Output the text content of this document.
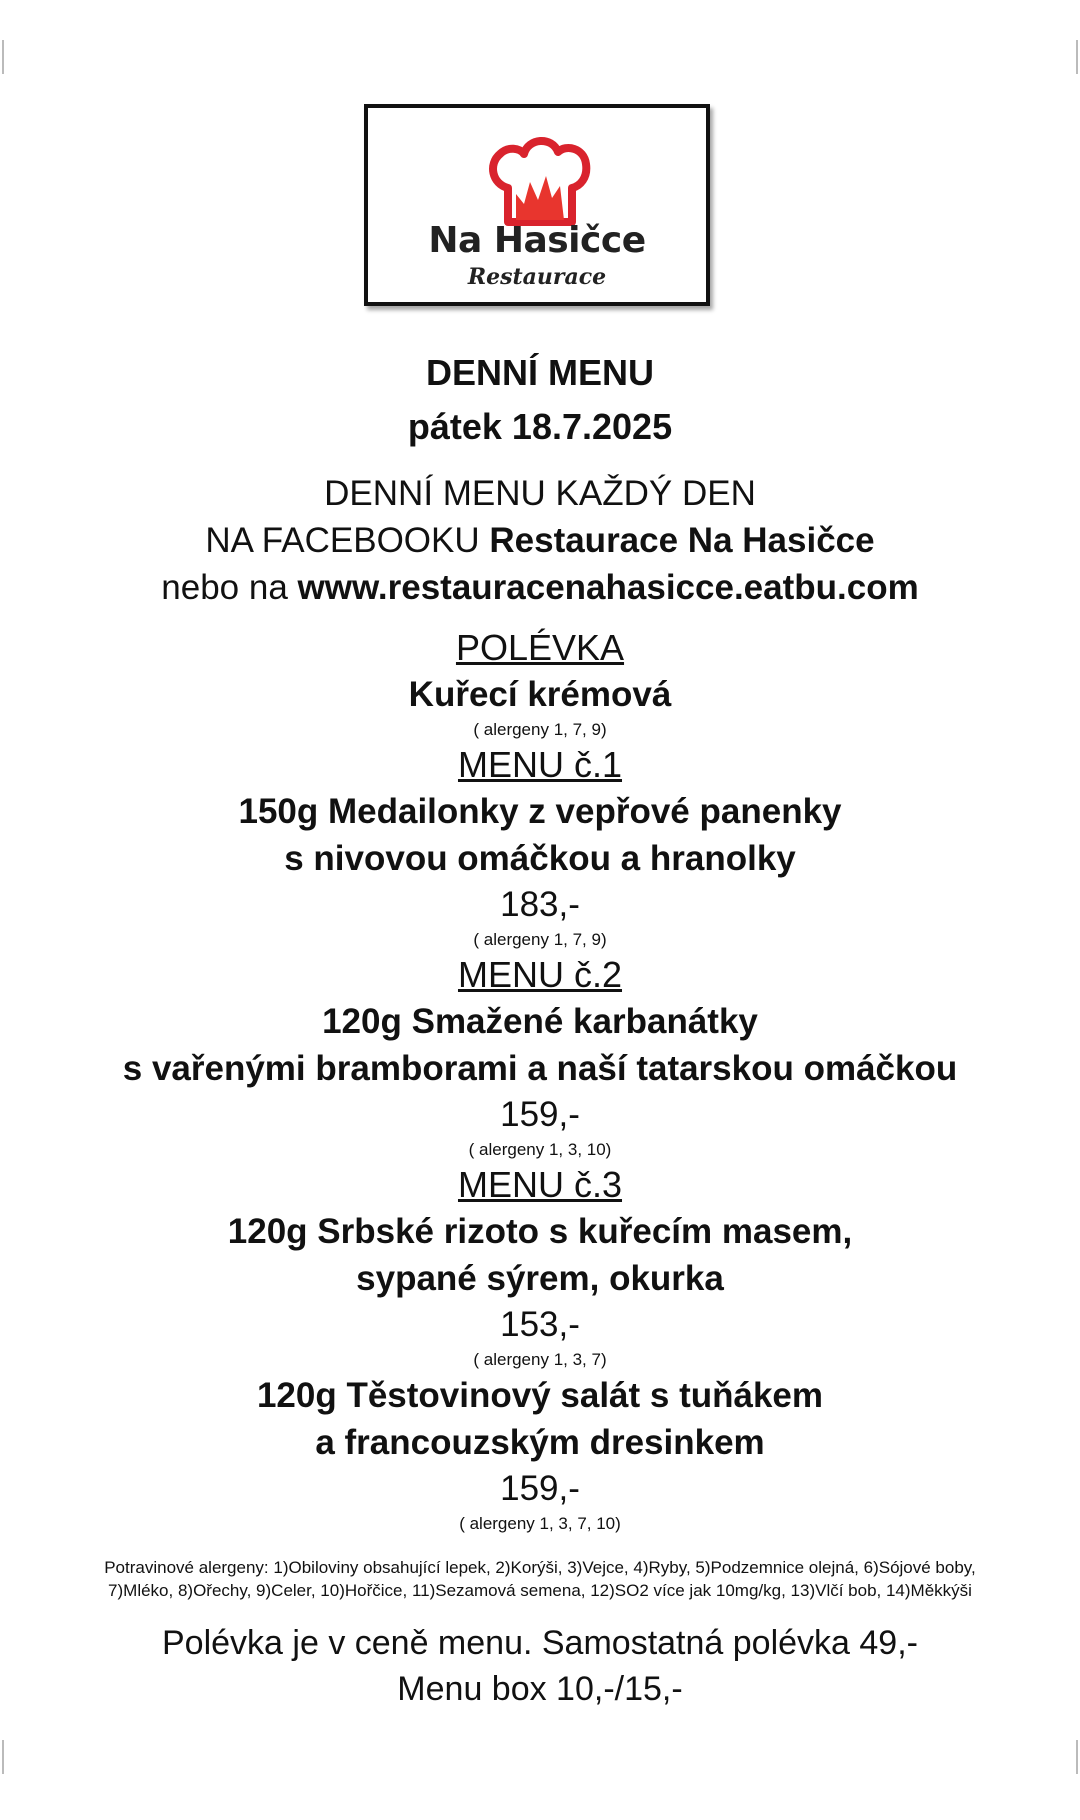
Na Hasičce
Restaurace
DENNÍ MENU
pátek 18.7.2025
DENNÍ MENU KAŽDÝ DEN
NA FACEBOOKU Restaurace Na Hasičce
nebo na www.restauracenahasicce.eatbu.com
POLÉVKA
Kuřecí krémová
( alergeny 1, 7, 9)
MENU č.1
150g Medailonky z vepřové panenky
s nivovou omáčkou a hranolky
183,-
( alergeny 1, 7, 9)
MENU č.2
120g Smažené karbanátky
s vařenými bramborami a naší tatarskou omáčkou
159,-
( alergeny 1, 3, 10)
MENU č.3
120g Srbské rizoto s kuřecím masem,
sypané sýrem, okurka
153,-
( alergeny 1, 3, 7)
120g Těstovinový salát s tuňákem
a francouzským dresinkem
159,-
( alergeny 1, 3, 7, 10)
Potravinové alergeny: 1)Obiloviny obsahující lepek, 2)Korýši, 3)Vejce, 4)Ryby, 5)Podzemnice olejná, 6)Sójové boby,
7)Mléko, 8)Ořechy, 9)Celer, 10)Hořčice, 11)Sezamová semena, 12)SO2 více jak 10mg/kg, 13)Vlčí bob, 14)Měkkýši
Polévka je v ceně menu. Samostatná polévka 49,-
Menu box 10,-/15,-
